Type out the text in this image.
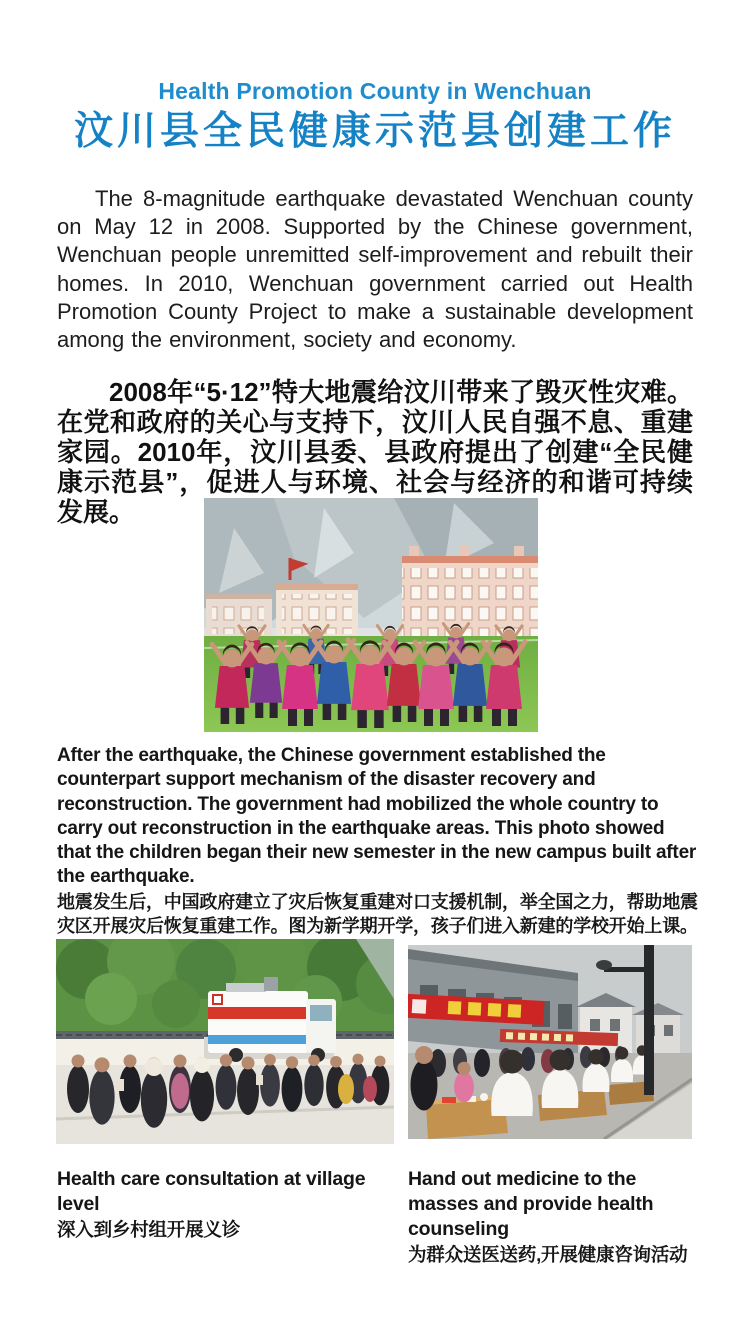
Health Promotion County in Wenchuan
汶川县全民健康示范县创建工作

The 8-magnitude earthquake devastated Wenchuan county on May 12 in 2008. Supported by the Chinese government, Wenchuan people unremitted self-improvement and rebuilt their homes. In 2010, Wenchuan government carried out Health Promotion County Project to make a sustainable development among the environment, society and economy.

2008年“5·12”特大地震给汶川带来了毁灭性灾难。在党和政府的关心与支持下，汶川人民自强不息、重建家园。2010年，汶川县委、县政府提出了创建“全民健康示范县”，促进人与环境、社会与经济的和谐可持续发展。

After the earthquake, the Chinese government established the counterpart support mechanism of the disaster recovery and reconstruction. The government had mobilized the whole country to carry out reconstruction in the earthquake areas. This photo showed that the children began their new semester in the new campus built after the earthquake.

地震发生后，中国政府建立了灾后恢复重建对口支援机制，举全国之力，帮助地震灾区开展灾后恢复重建工作。图为新学期开学，孩子们进入新建的学校开始上课。

Health care consultation at village level

深入到乡村组开展义诊

Hand out medicine to the masses and provide health counseling

为群众送医送药,开展健康咨询活动
